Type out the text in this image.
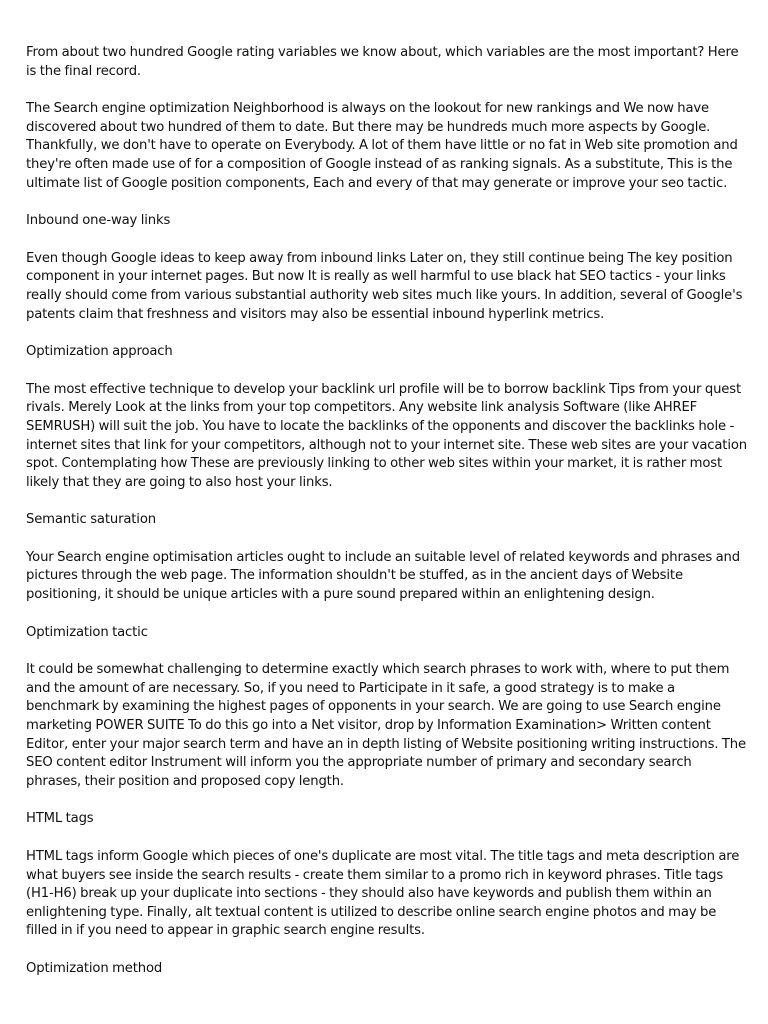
From about two hundred Google rating variables we know about, which variables are the most important? Here is the final record.

The Search engine optimization Neighborhood is always on the lookout for new rankings and We now have discovered about two hundred of them to date. But there may be hundreds much more aspects by Google. Thankfully, we don't have to operate on Everybody. A lot of them have little or no fat in Web site promotion and they're often made use of for a composition of Google instead of as ranking signals. As a substitute, This is the ultimate list of Google position components, Each and every of that may generate or improve your seo tactic.

Inbound one-way links

Even though Google ideas to keep away from inbound links Later on, they still continue being The key position component in your internet pages. But now It is really as well harmful to use black hat SEO tactics - your links really should come from various substantial authority web sites much like yours. In addition, several of Google's patents claim that freshness and visitors may also be essential inbound hyperlink metrics.

Optimization approach

The most effective technique to develop your backlink url profile will be to borrow backlink Tips from your quest rivals. Merely Look at the links from your top competitors. Any website link analysis Software (like AHREF SEMRUSH) will suit the job. You have to locate the backlinks of the opponents and discover the backlinks hole - internet sites that link for your competitors, although not to your internet site. These web sites are your vacation spot. Contemplating how These are previously linking to other web sites within your market, it is rather most likely that they are going to also host your links.

Semantic saturation

Your Search engine optimisation articles ought to include an suitable level of related keywords and phrases and pictures through the web page. The information shouldn't be stuffed, as in the ancient days of Website positioning, it should be unique articles with a pure sound prepared within an enlightening design.

Optimization tactic

It could be somewhat challenging to determine exactly which search phrases to work with, where to put them and the amount of are necessary. So, if you need to Participate in it safe, a good strategy is to make a benchmark by examining the highest pages of opponents in your search. We are going to use Search engine marketing POWER SUITE To do this go into a Net visitor, drop by Information Examination> Written content Editor, enter your major search term and have an in depth listing of Website positioning writing instructions. The SEO content editor Instrument will inform you the appropriate number of primary and secondary search phrases, their position and proposed copy length.

HTML tags

HTML tags inform Google which pieces of one's duplicate are most vital. The title tags and meta description are what buyers see inside the search results - create them similar to a promo rich in keyword phrases. Title tags (H1-H6) break up your duplicate into sections - they should also have keywords and publish them within an enlightening type. Finally, alt textual content is utilized to describe online search engine photos and may be filled in if you need to appear in graphic search engine results.

Optimization method
